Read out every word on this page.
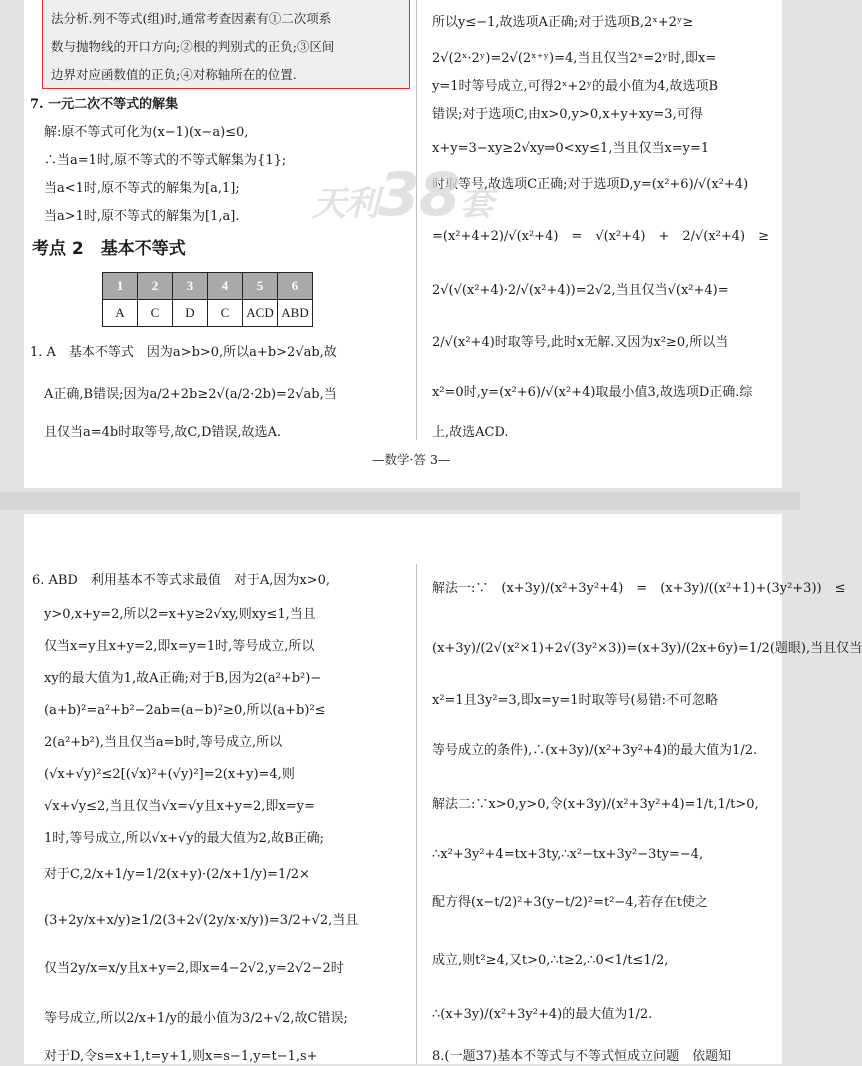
法分析.列不等式(组)时,通常考查因素有①二次项系
数与抛物线的开口方向;②根的判别式的正负;③区间
边界对应函数值的正负;④对称轴所在的位置.
7. 一元二次不等式的解集
解:原不等式可化为(x−1)(x−a)≤0,
∴当a=1时,原不等式的不等式解集为{1};
当a<1时,原不等式的解集为[a,1];
当a>1时,原不等式的解集为[1,a].
考点 2　基本不等式
1	2	3	4	5	6
A	C	D	C	ACD	ABD
1. A　基本不等式　因为a>b>0,所以a+b>2√ab,故
A正确,B错误;因为a/2+2b≥2√(a/2·2b)=2√ab,当
且仅当a=4b时取等号,故C,D错误,故选A.
所以y≤−1,故选项A正确;对于选项B,2ˣ+2ʸ≥
2√(2ˣ·2ʸ)=2√(2ˣ⁺ʸ)=4,当且仅当2ˣ=2ʸ时,即x=
y=1时等号成立,可得2ˣ+2ʸ的最小值为4,故选项B
错误;对于选项C,由x>0,y>0,x+y+xy=3,可得
x+y=3−xy≥2√xy⇒0<xy≤1,当且仅当x=y=1
时取等号,故选项C正确;对于选项D,y=(x²+6)/√(x²+4)
=(x²+4+2)/√(x²+4)　=　√(x²+4)　+　2/√(x²+4)　≥
2√(√(x²+4)·2/√(x²+4))=2√2,当且仅当√(x²+4)=
2/√(x²+4)时取等号,此时x无解.又因为x²≥0,所以当
x²=0时,y=(x²+6)/√(x²+4)取最小值3,故选项D正确.综
上,故选ACD.
—数学·答 3—
天利38套
6. ABD　利用基本不等式求最值　对于A,因为x>0,
y>0,x+y=2,所以2=x+y≥2√xy,则xy≤1,当且
仅当x=y且x+y=2,即x=y=1时,等号成立,所以
xy的最大值为1,故A正确;对于B,因为2(a²+b²)−
(a+b)²=a²+b²−2ab=(a−b)²≥0,所以(a+b)²≤
2(a²+b²),当且仅当a=b时,等号成立,所以
(√x+√y)²≤2[(√x)²+(√y)²]=2(x+y)=4,则
√x+√y≤2,当且仅当√x=√y且x+y=2,即x=y=
1时,等号成立,所以√x+√y的最大值为2,故B正确;
对于C,2/x+1/y=1/2(x+y)·(2/x+1/y)=1/2×
(3+2y/x+x/y)≥1/2(3+2√(2y/x·x/y))=3/2+√2,当且
仅当2y/x=x/y且x+y=2,即x=4−2√2,y=2√2−2时
等号成立,所以2/x+1/y的最小值为3/2+√2,故C错误;
对于D,令s=x+1,t=y+1,则x=s−1,y=t−1,s+
解法一:∵　(x+3y)/(x²+3y²+4)　=　(x+3y)/((x²+1)+(3y²+3))　≤
(x+3y)/(2√(x²×1)+2√(3y²×3))=(x+3y)/(2x+6y)=1/2(题眼),当且仅当
x²=1且3y²=3,即x=y=1时取等号(易错:不可忽略
等号成立的条件),∴(x+3y)/(x²+3y²+4)的最大值为1/2.
解法二:∵x>0,y>0,令(x+3y)/(x²+3y²+4)=1/t,1/t>0,
∴x²+3y²+4=tx+3ty,∴x²−tx+3y²−3ty=−4,
配方得(x−t/2)²+3(y−t/2)²=t²−4,若存在t使之
成立,则t²≥4,又t>0,∴t≥2,∴0<1/t≤1/2,
∴(x+3y)/(x²+3y²+4)的最大值为1/2.
8.(一题37)基本不等式与不等式恒成立问题　依题知
